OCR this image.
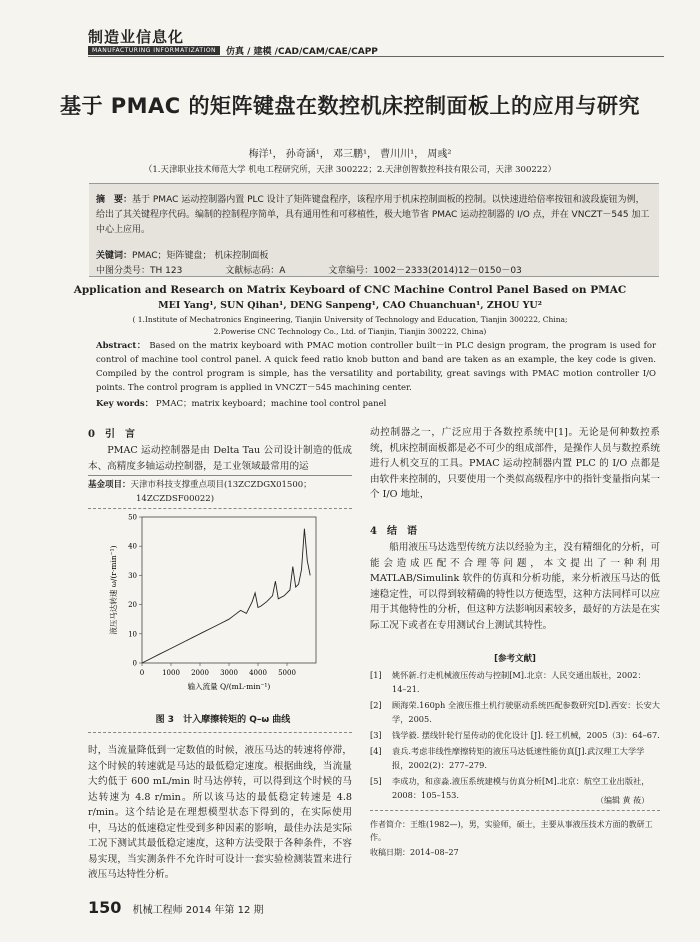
制造业信息化
MANUFACTURING INFORMATIZATION	仿真 / 建模 /CAD/CAM/CAE/CAPP
基于 PMAC 的矩阵键盘在数控机床控制面板上的应用与研究
梅洋¹， 孙奇涵¹， 邓三鹏¹， 曹川川¹， 周彧²
（1.天津职业技术师范大学 机电工程研究所，天津 300222；2.天津创智数控科技有限公司，天津 300222）
摘　要：基于 PMAC 运动控制器内置 PLC 设计了矩阵键盘程序，该程序用于机床控制面板的控制。以快速进给倍率按钮和波段旋钮为例，给出了其关键程序代码。编制的控制程序简单，具有通用性和可移植性，极大地节省 PMAC 运动控制器的 I/O 点，并在 VNCZT－545 加工中心上应用。
关键词：PMAC；矩阵键盘； 机床控制面板
中图分类号：TH 123	文献标志码：A	文章编号：1002－2333(2014)12－0150－03
Application and Research on Matrix Keyboard of CNC Machine Control Panel Based on PMAC
MEI Yang¹, SUN Qihan¹, DENG Sanpeng¹, CAO Chuanchuan¹, ZHOU YU²
( 1.Institute of Mechatronics Engineering, Tianjin University of Technology and Education, Tianjin 300222, China;
2.Powerise CNC Technology Co., Ltd. of Tianjin, Tianjin 300222, China)
Abstract： Based on the matrix keyboard with PMAC motion controller built－in PLC design program, the program is used for control of machine tool control panel. A quick feed ratio knob button and band are taken as an example, the key code is given. Compiled by the control program is simple, has the versatility and portability, great savings with PMAC motion controller I/O points. The control program is applied in VNCZT－545 machining center.
Key words： PMAC；matrix keyboard；machine tool control panel
0　引　言
PMAC 运动控制器是由 Delta Tau 公司设计制造的低成本、高精度多轴运动控制器，是工业领域最常用的运
基金项目：天津市科技支撑重点项目(13ZCZDGX01500；
14ZCZDSF00022)
0	1000 2000 3000 4000 5000
0
10
20
30
40
50
输入流量 Q/(mL·min⁻¹)
液压马达转速 ω/(r·min⁻¹)
图 3　计入摩擦转矩的 Q–ω 曲线
时，当流量降低到一定数值的时候，液压马达的转速将停滞，这个时候的转速就是马达的最低稳定速度。根据曲线，当流量大约低于 600 mL/min 时马达停转，可以得到这个时候的马达转速为 4.8 r/min。所以该马达的最低稳定转速是 4.8 r/min。这个结论是在理想模型状态下得到的，在实际使用中，马达的低速稳定性受到多种因素的影响，最佳办法是实际工况下测试其最低稳定速度，这种方法受限于各种条件，不容易实现，当实测条件不允许时可设计一套实验检测装置来进行液压马达特性分析。
动控制器之一，广泛应用于各数控系统中[1]。无论是何种数控系统，机床控制面板都是必不可少的组成部件，是操作人员与数控系统进行人机交互的工具。PMAC 运动控制器内置 PLC 的 I/O 点都是由软件来控制的，只要使用一个类似高级程序中的指针变量指向某一个 I/O 地址，
4　结　语
船用液压马达选型传统方法以经验为主，没有精细化的分析，可能会造成匹配不合理等问题，本文提出了一种利用 MATLAB/Simulink 软件的仿真和分析功能，来分析液压马达的低速稳定性，可以得到较精确的特性以方便选型，这种方法同样可以应用于其他特性的分析，但这种方法影响因素较多，最好的方法是在实际工况下或者在专用测试台上测试其特性。
[参考文献]
[1]	姚怀新.行走机械液压传动与控制[M].北京：人民交通出版社，2002：14–21.
[2]	顾海荣.160ph 全液压推土机行驶驱动系统匹配参数研究[D].西安：长安大学，2005.
[3]	钱学毅. 摆线针轮行星传动的优化设计 [J]. 轻工机械，2005（3)：64–67.
[4]	袁兵.考虑非线性摩擦转矩的液压马达低速性能仿真[J].武汉理工大学学报，2002(2)：277–279.
[5]	李成功，和彦淼.液压系统建模与仿真分析[M].北京：航空工业出版社，2008：105–153.
（编辑 黄 莜）
作者简介：王维(1982—)，男，实验师，硕士，主要从事液压技术方面的教研工作。
收稿日期：2014–08–27
150 机械工程师 2014 年第 12 期
